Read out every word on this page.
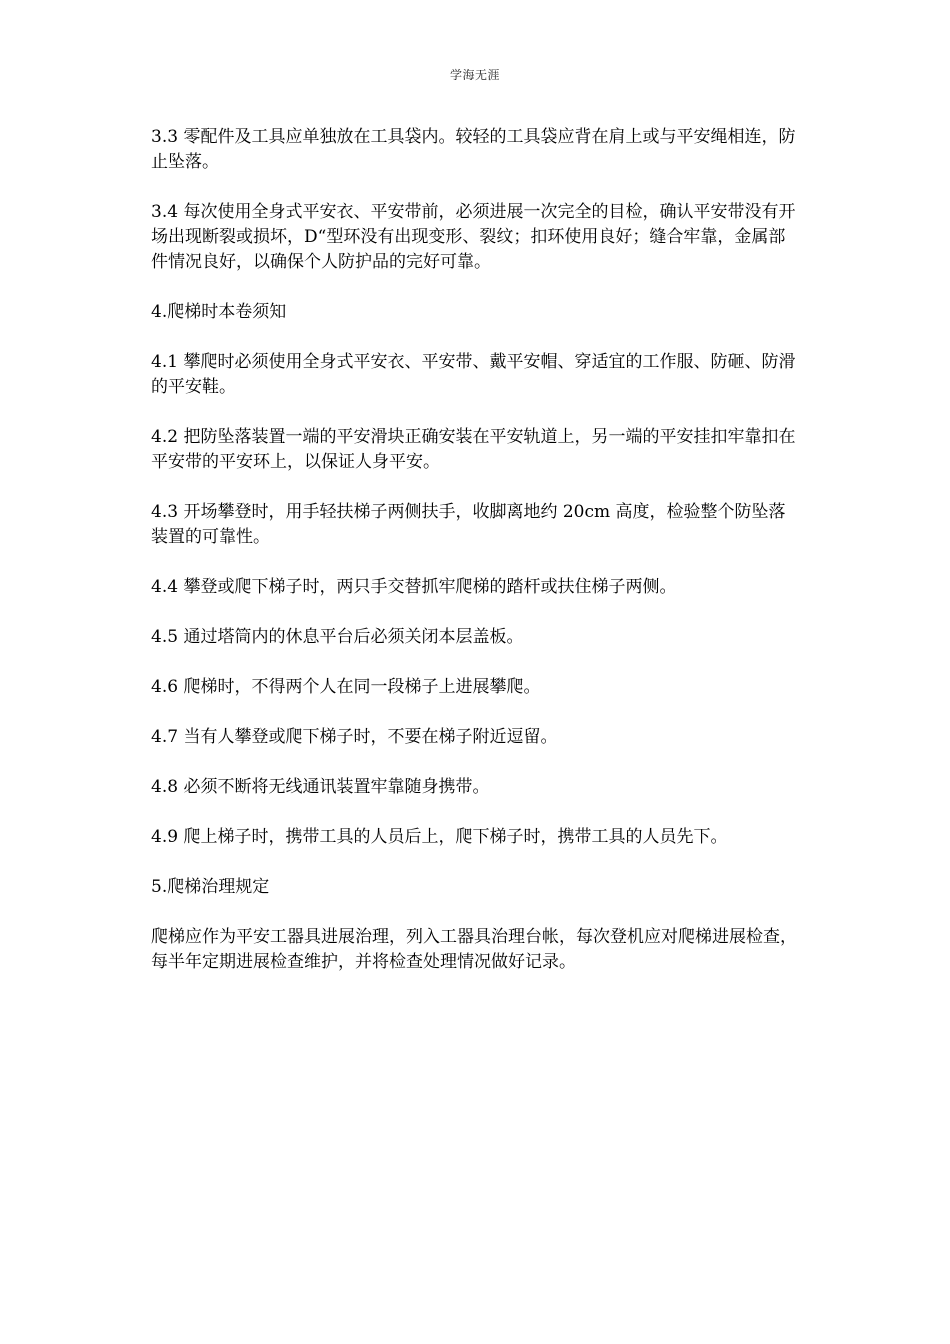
学海无涯

3.3 零配件及工具应单独放在工具袋内。较轻的工具袋应背在肩上或与平安绳相连，防止坠落。

3.4 每次使用全身式平安衣、平安带前，必须进展一次完全的目检，确认平安带没有开场出现断裂或损坏，D“型环没有出现变形、裂纹；扣环使用良好；缝合牢靠，金属部件情况良好，以确保个人防护品的完好可靠。

4.爬梯时本卷须知

4.1 攀爬时必须使用全身式平安衣、平安带、戴平安帽、穿适宜的工作服、防砸、防滑的平安鞋。

4.2 把防坠落装置一端的平安滑块正确安装在平安轨道上，另一端的平安挂扣牢靠扣在平安带的平安环上，以保证人身平安。

4.3 开场攀登时，用手轻扶梯子两侧扶手，收脚离地约 20cm 高度，检验整个防坠落装置的可靠性。

4.4 攀登或爬下梯子时，两只手交替抓牢爬梯的踏杆或扶住梯子两侧。

4.5 通过塔筒内的休息平台后必须关闭本层盖板。

4.6 爬梯时，不得两个人在同一段梯子上进展攀爬。

4.7 当有人攀登或爬下梯子时，不要在梯子附近逗留。

4.8 必须不断将无线通讯装置牢靠随身携带。

4.9 爬上梯子时，携带工具的人员后上，爬下梯子时，携带工具的人员先下。

5.爬梯治理规定

爬梯应作为平安工器具进展治理，列入工器具治理台帐，每次登机应对爬梯进展检查，每半年定期进展检查维护，并将检查处理情况做好记录。
